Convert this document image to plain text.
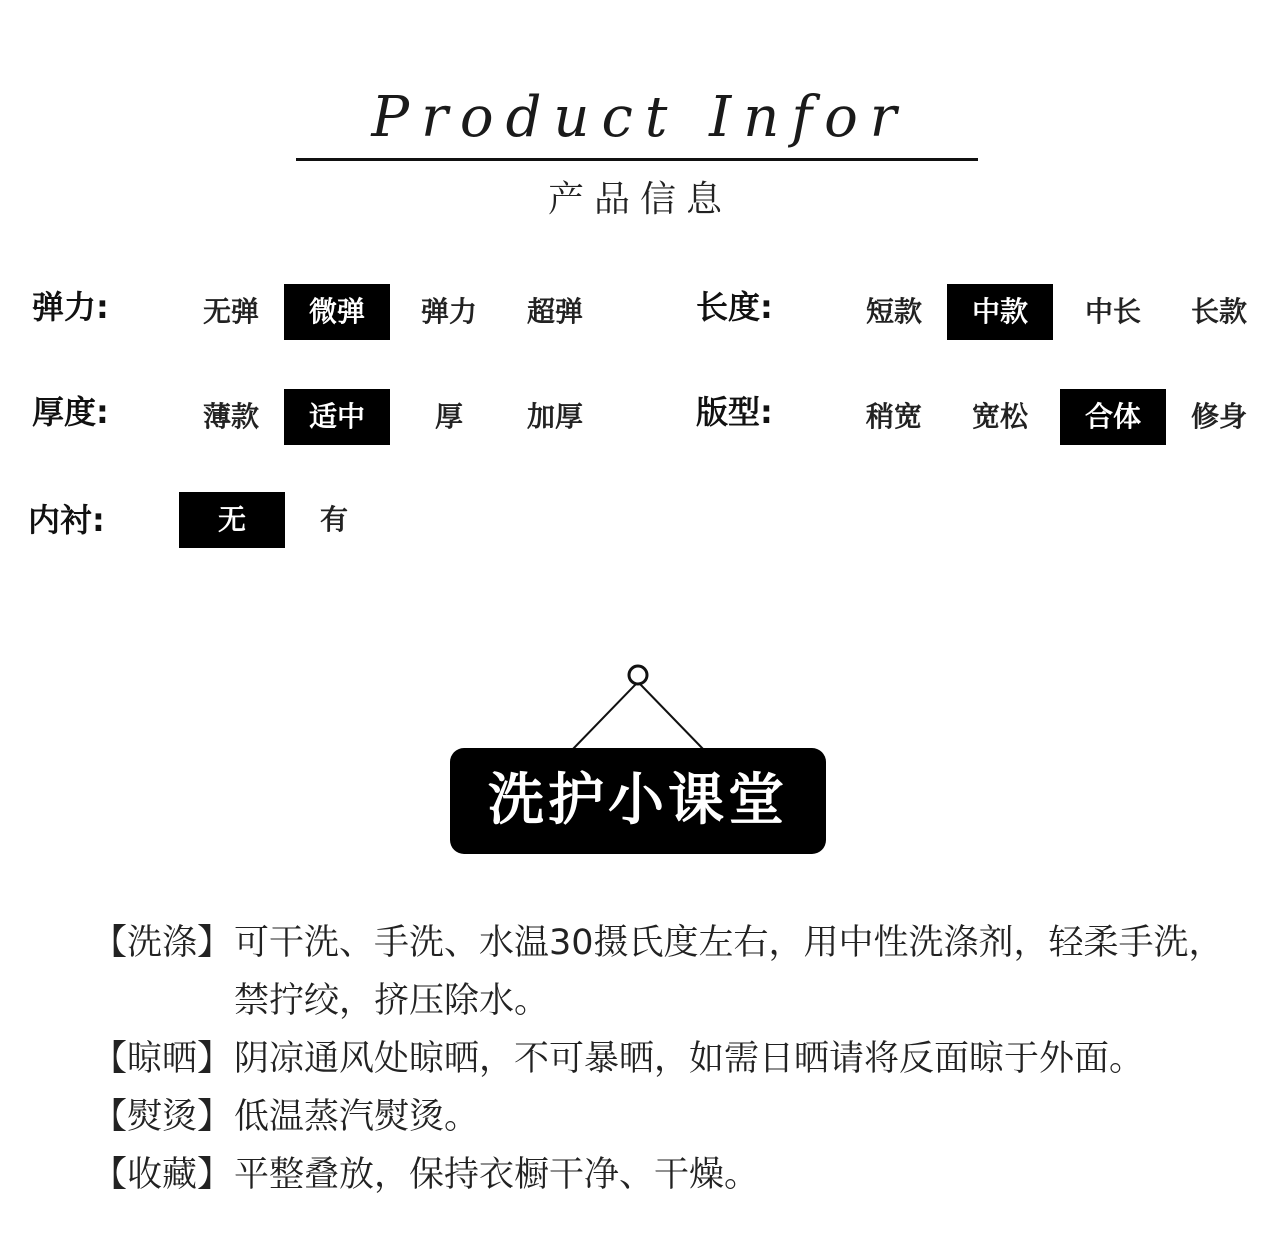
Product Infor
产品信息
弹力:	无弹	微弹	弹力	超弹	长度:	短款	中款	中长	长款
厚度:	薄款	适中	厚	加厚	版型:	稍宽	宽松	合体	修身
内衬:	无	有
洗护小课堂
【洗涤】 可干洗、手洗、水温30摄氏度左右，用中性洗涤剂，轻柔手洗，禁拧绞，挤压除水。
【晾晒】 阴凉通风处晾晒，不可暴晒，如需日晒请将反面晾于外面。
【熨烫】 低温蒸汽熨烫。
【收藏】 平整叠放，保持衣橱干净、干燥。
